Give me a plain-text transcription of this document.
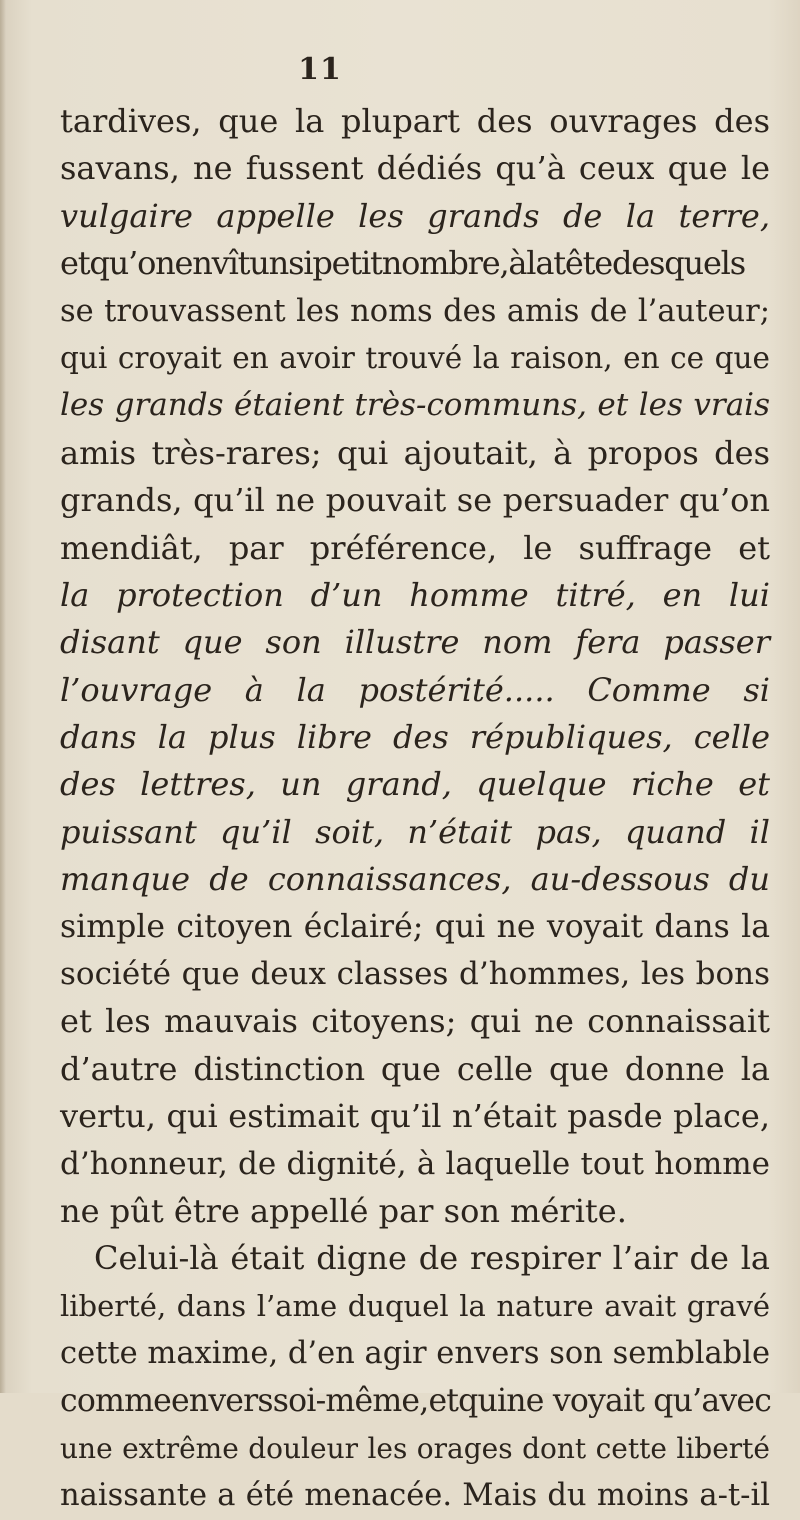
11
tardives, que la plupart des ouvrages des
savans, ne fussent dédiés qu’à ceux que le
vulgaire appelle les grands de la terre,
etqu’onenvîtunsipetitnombre,àlatêtedesquels
se trouvassent les noms des amis de l’auteur;
qui croyait en avoir trouvé la raison, en ce que
les grands étaient très-communs, et les vrais
amis très-rares; qui ajoutait, à propos des
grands, qu’il ne pouvait se persuader qu’on
mendiât, par préférence, le suffrage et
la protection d’un homme titré, en lui
disant que son illustre nom fera passer
l’ouvrage à la postérité..... Comme si
dans la plus libre des républiques, celle
des lettres, un grand, quelque riche et
puissant qu’il soit, n’était pas, quand il
manque de connaissances, au-dessous du
simple citoyen éclairé; qui ne voyait dans la
société que deux classes d’hommes, les bons
et les mauvais citoyens; qui ne connaissait
d’autre distinction que celle que donne la
vertu, qui estimait qu’il n’était pasde place,
d’honneur, de dignité, à laquelle tout homme
ne pût être appellé par son mérite.
Celui-là était digne de respirer l’air de la
liberté, dans l’ame duquel la nature avait gravé
cette maxime, d’en agir envers son semblable
commeenverssoi-même,etquine voyait qu’avec
une extrême douleur les orages dont cette liberté
naissante a été menacée. Mais du moins a-t-il
